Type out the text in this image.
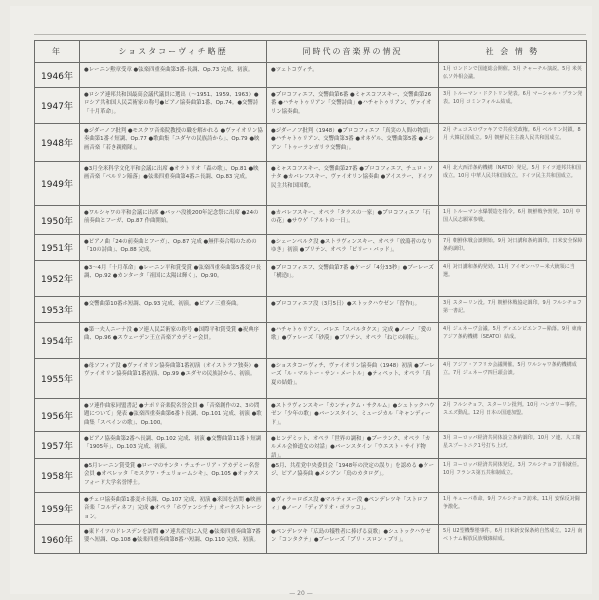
年	ショスタコーヴィチ略歴	同時代の音楽界の情況	社 会 情 勢
1946年	●レーニン勲章受章 ●弦楽四重奏曲第3番-長調、Op.73 完成、初演。	●ツェトコヴィチ。	1月 ロンドンで国連総会開催。3月 チャーチル演説。5月 米英仏ソ外相会議。

1947年	●ロシア連邦共和国最高会議代議員に選出（～1951、1959、1963）●ロシア共和国人民芸術家の称号●ピアノ協奏曲第1番、Op.74。●交響詩「十月革命」。	●プロコフィエフ、交響曲第6番 ●ミャスコフスキー、交響曲第26番 ●ハチャトゥリアン「交響詩曲」●ハチャトゥリアン、ヴァイオリン協奏曲。	3月 トルーマン・ドクトリン発表。6月 マーシャル・プラン発表。10月 コミンフォルム結成。

1948年	●ジダーノフ批判 ●モスクワ音楽院教授の職を解かれる ●ヴァイオリン協奏曲第1番イ短調、Op.77 ●歌曲集「ユダヤの民族詩から」、Op.79 ●映画音楽「若き親衛隊」。	●ジダーノフ批判（1948）●プロコフィエフ「真実の人間の物語」●ハチャトゥリアン、交響曲第3番 ●オネゲル、交響曲第5番 ●メシアン「トゥーランガリラ交響曲」。	2月 チェコスロヴァキアで共産党政権。6月 ベルリン封鎖。8月 大韓民国成立。9月 朝鮮民主主義人民共和国成立。

1949年	●3月全米科学文化平和会議に出席 ●オラトリオ「森の歌」、Op.81 ●映画音楽「ベルリン陥落」●弦楽四重奏曲第4番ニ長調、Op.83 完成。	●ミャスコフスキー、交響曲第27番 ●プロコフィエフ、チェロ・ソナタ ●カバレフスキー、ヴァイオリン協奏曲 ●アイスラー、ドイツ民主共和国国歌。	4月 北大西洋条約機構（NATO）発足。5月 ドイツ連邦共和国成立。10月 中華人民共和国成立。ドイツ民主共和国成立。

1950年	●ワルシャワの平和会議に出席 ●バッハ没後200年記念祭に出席 ●24の前奏曲とフーガ、Op.87 作曲開始。	●カバレフスキー、オペラ「タラスの一家」●プロコフィエフ「石の花」●サウゲ「アルトの一日」。	1月 トルーマン水爆製造を指令。6月 朝鮮戦争勃発。10月 中国人民志願軍参戦。

1951年	●ピアノ曲「24の前奏曲とフーガ」、Op.87 完成 ●無伴奏合唱のための「10の詩曲」、Op.88 完成。	●シェーンベルク没 ●ストラヴィンスキー、オペラ「放蕩者のなりゆき」初演 ●ブリテン、オペラ「ビリー・バッド」。	7月 朝鮮休戦会談開始。9月 対日講和条約調印。日米安全保障条約調印。

1952年	●3～4月「十月革命」●レーニン平和賞受賞 ●弦楽四重奏曲第5番変ロ長調、Op.92 ●カンタータ「祖国に太陽は輝く」、Op.90。	●プロコフィエフ、交響曲第7番 ●ケージ「4分33秒」●ブーレーズ「構造Ⅰ」。	4月 対日講和条約発効。11月 アイゼンハワー米大統領に当選。

1953年	●交響曲第10番ホ短調、Op.93 完成、初演。●ピアノ三重奏曲。	●プロコフィエフ没（3月5日）●ストックハウゼン「習作Ⅰ」。	3月 スターリン没。7月 朝鮮休戦協定調印。9月 フルシチョフ第一書記。

1954年	●第一夫人ニーナ没 ●ソ連人民芸術家の称号 ●国際平和賞受賞 ●祝典序曲、Op.96 ●スウェーデン王立音楽アカデミー会員。	●ハチャトゥリアン、バレエ「スパルタクス」完成 ●ノーノ「愛の歌」●ヴァレーズ「砂漠」●ブリテン、オペラ「ねじの回転」。	4月 ジュネーヴ会議。5月 ディエンビエンフー陥落。9月 東南アジア条約機構（SEATO）結成。

1955年	●母ソフィア没 ●ヴァイオリン協奏曲第1番初演（オイストラフ独奏）●ヴァイオリン協奏曲第1番初演、Op.99 ●ユダヤの民族詩から、初演。	●ショスタコーヴィチ、ヴァイオリン協奏曲（1948）初演 ●ブーレーズ「ル・マルトー・サン・メートル」●ティペット、オペラ「真夏の結婚」。	4月 アジア・アフリカ会議開催。5月 ワルシャワ条約機構成立。7月 ジュネーヴ四巨頭会談。

1956年	●ソ連作曲家同盟書記 ●ナポリ音楽院名誉会員 ●「音楽創作の2、3の問題について」発表 ●弦楽四重奏曲第6番ト長調、Op.101 完成、初演 ●歌曲集「スペインの歌」、Op.100。	●ストラヴィンスキー「カンティクム・サクルム」●シュトックハウゼン「少年の歌」●バーンスタイン、ミュージカル「キャンディード」。	2月 フルシチョフ、スターリン批判。10月 ハンガリー事件。スエズ動乱。12月 日本の国連加盟。

1957年	●ピアノ協奏曲第2番ヘ長調、Op.102 完成、初演 ●交響曲第11番ト短調「1905年」、Op.103 完成、初演。	●ヒンデミット、オペラ「世界の調和」●プーランク、オペラ「カルメル会修道女の対話」●バーンスタイン「ウエスト・サイド物語」。	3月 ヨーロッパ経済共同体設立条約調印。10月 ソ連、人工衛星スプートニク1号打ち上げ。

1958年	●5月レーニン賞受賞 ●ローマのサンタ・チェチーリア・アカデミー名誉会員 ●オペレッタ「モスクワ・チェリョームシキ」、Op.105 ●オックスフォード大学名誉博士。	●5月、共産党中央委員会「1948年の決定の誤り」を認める ●ケージ、ピアノ協奏曲 ●メシアン「鳥のカタログ」。	1月 ヨーロッパ経済共同体発足。3月 フルシチョフ首相就任。10月 フランス第五共和制成立。

1959年	●チェロ協奏曲第1番変ホ長調、Op.107 完成、初演 ●米国を訪問 ●映画音楽「コルディネフ」完成 ●オペラ「ホヴァンシチナ」オーケストレーション。	●ヴィラ＝ロボス没 ●マルティヌー没 ●ペンデレツキ「ストロフィ」●ノーノ「ディアリオ・ポラッコ」。	1月 キューバ革命。9月 フルシチョフ訪米。11月 安保反対闘争激化。

1960年	●東ドイツのドレスデンを訪問 ●ソ連共産党に入党 ●弦楽四重奏曲第7番嬰ヘ短調、Op.108 ●弦楽四重奏曲第8番ハ短調、Op.110 完成、初演。	●ペンデレツキ「広島の犠牲者に捧げる哀歌」●シュトックハウゼン「コンタクテ」●ブーレーズ「プリ・スロン・プリ」。	5月 U2型機撃墜事件。6月 日米新安保条約自然成立。12月 南ベトナム解放民族戦線結成。
— 20 —
